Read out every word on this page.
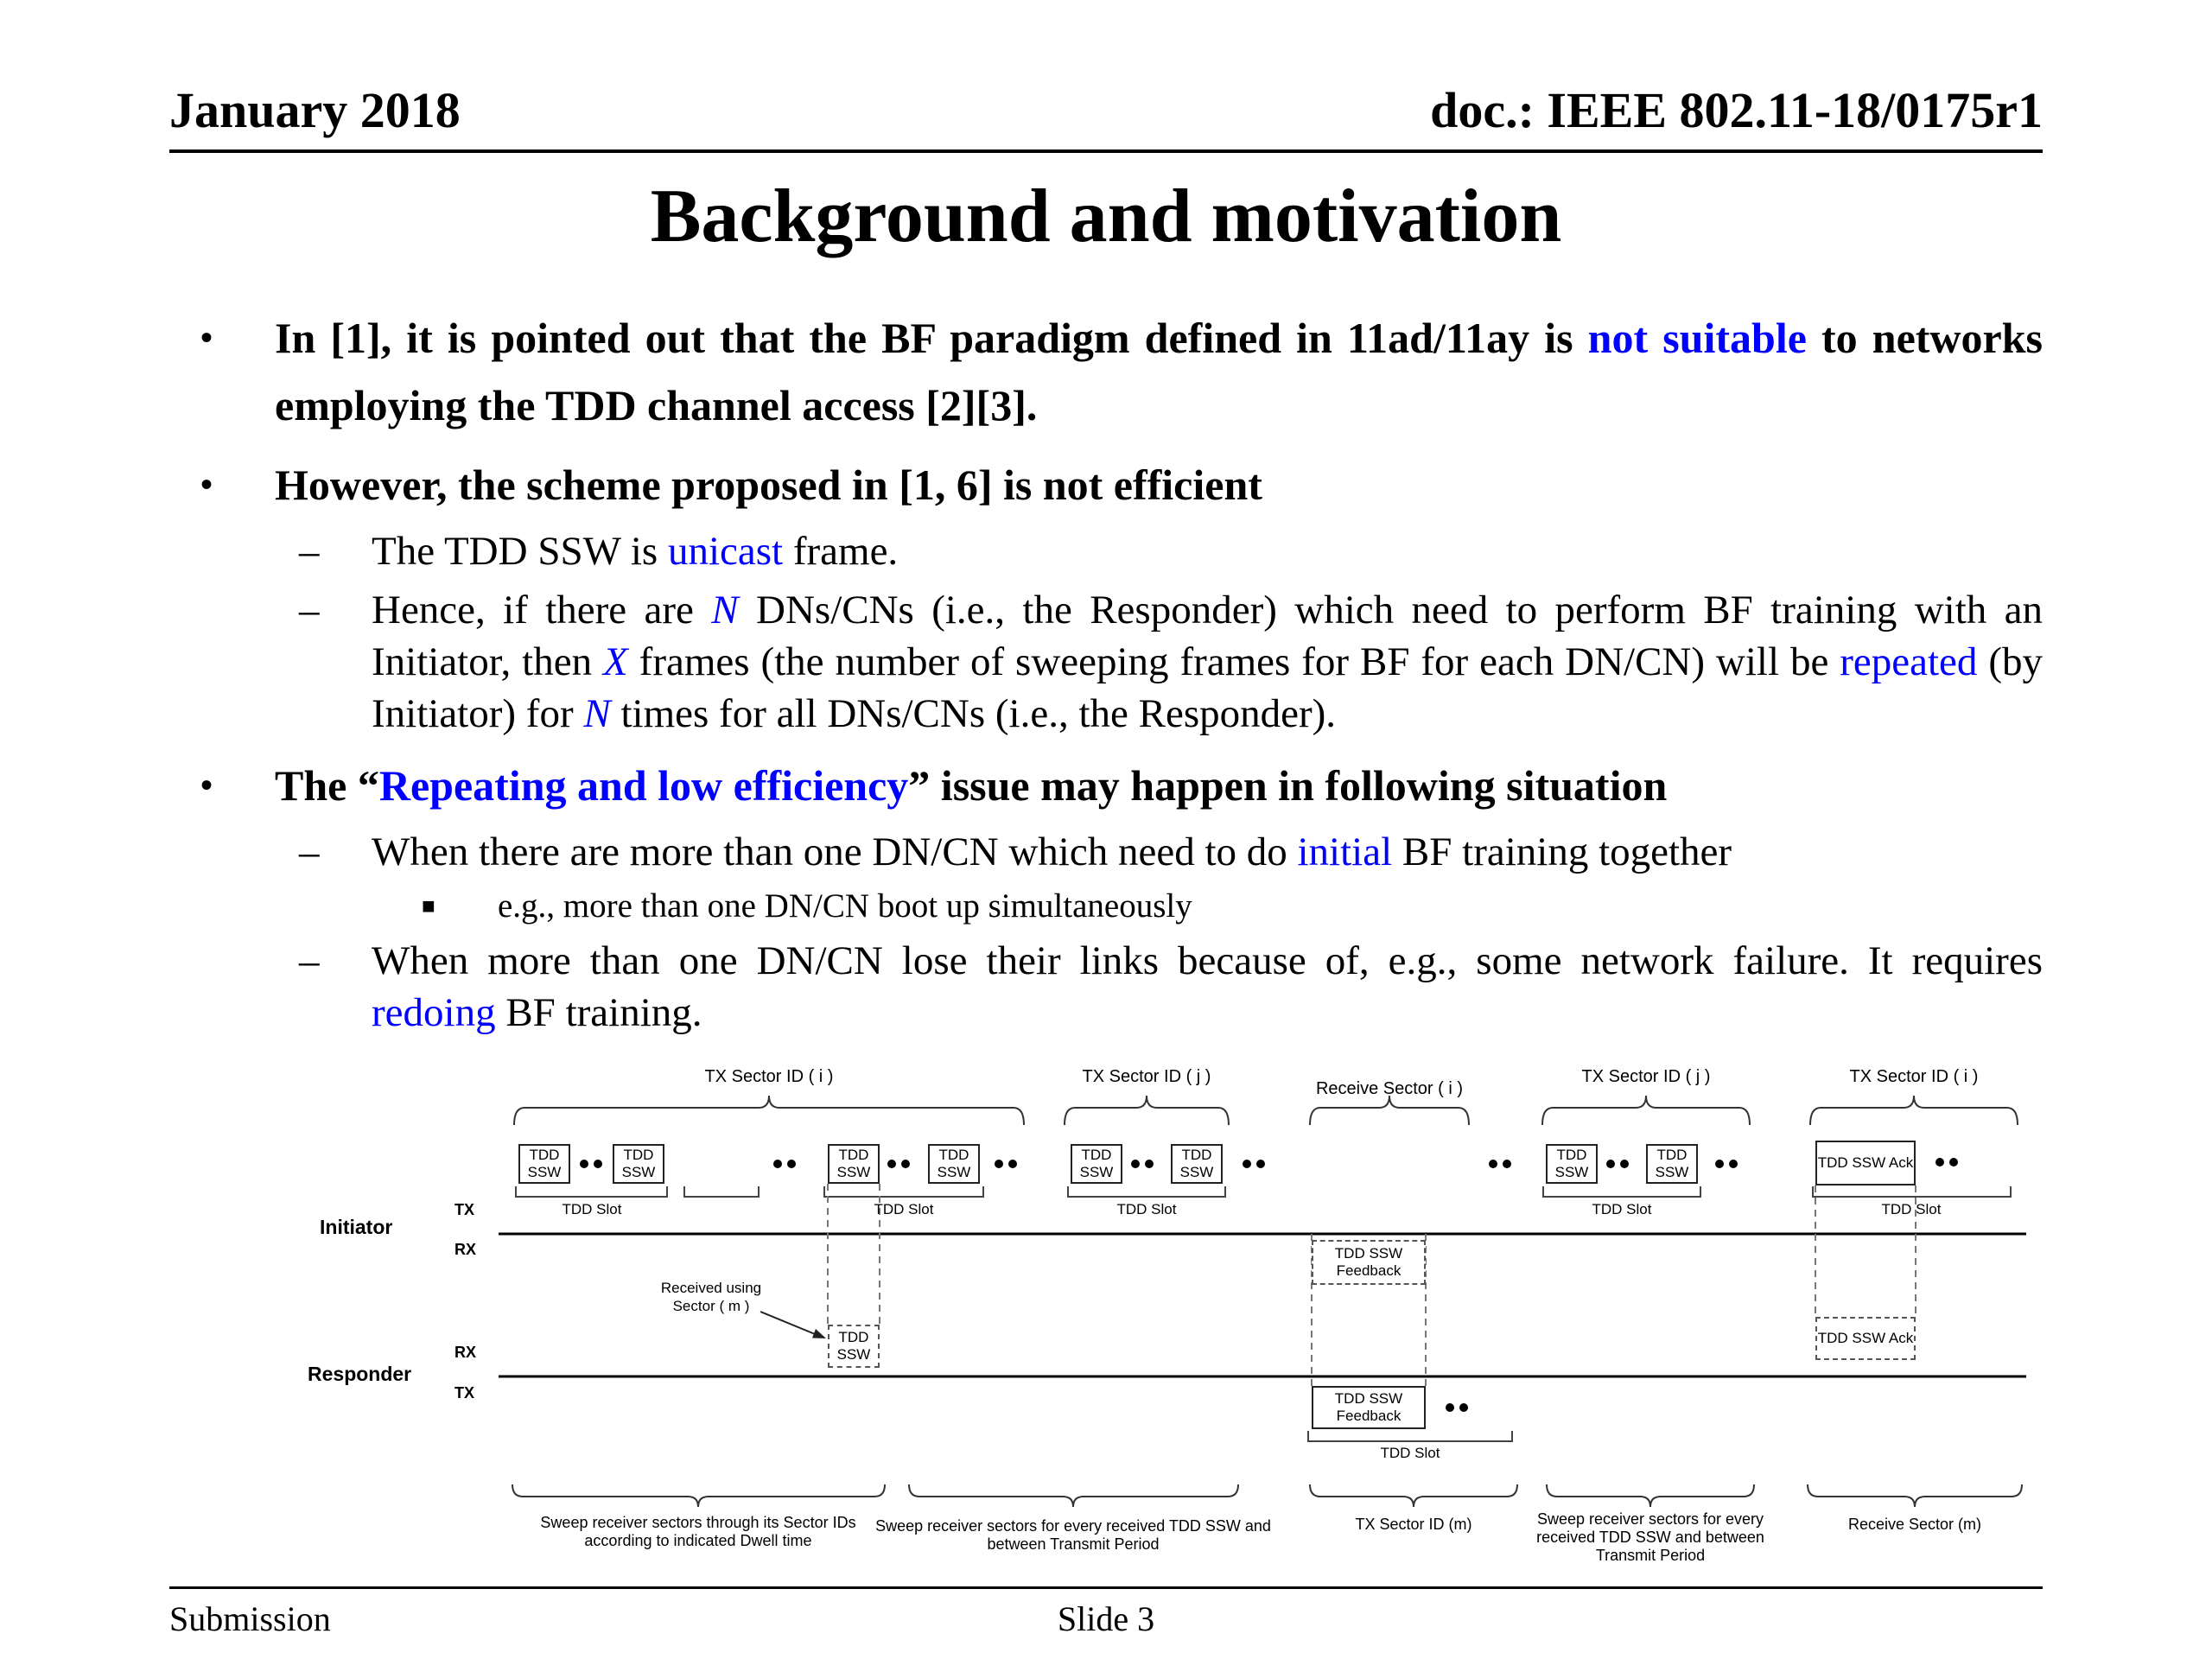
January 2018	doc.: IEEE 802.11-18/0175r1
Background and motivation
•	In [1], it is pointed out that the BF paradigm defined in 11ad/11ay is not suitable to networks employing the TDD channel access [2][3].
•	However, the scheme proposed in [1, 6] is not efficient
–	The TDD SSW is unicast frame.
–	Hence, if there are N DNs/CNs (i.e., the Responder) which need to perform BF training with an Initiator, then X frames (the number of sweeping frames for BF for each DN/CN) will be repeated (by Initiator) for N times for all DNs/CNs (i.e., the Responder).
•	The “Repeating and low efficiency” issue may happen in following situation
–	When there are more than one DN/CN which need to do initial BF training together
■	e.g., more than one DN/CN boot up simultaneously
–	When more than one DN/CN lose their links because of, e.g., some network failure. It requires redoing BF training.
TX Sector ID ( i )	TX Sector ID ( j )
Receive Sector ( i )
TX Sector ID ( j )	TX Sector ID ( i )
TDD SSW
TDD SSW
TDD SSW
TDD SSW
TDD SSW
TDD SSW
TDD SSW
TDD SSW
TDD SSW Ack
TDD Slot	TDD Slot	TDD Slot	TDD Slot	TDD Slot
TDD Slot
Initiator
TX
RX
Responder
RX
TX
TDD SSW Feedback
TDD SSW
TDD SSW Feedback
TDD SSW Ack
Received using Sector ( m )
Sweep receiver sectors through its Sector IDs according to indicated Dwell time
Sweep receiver sectors for every received TDD SSW and between Transmit Period
TX Sector ID (m)	Sweep receiver sectors for every received TDD SSW and between Transmit Period
Receive Sector (m)
Submission	Slide 3
